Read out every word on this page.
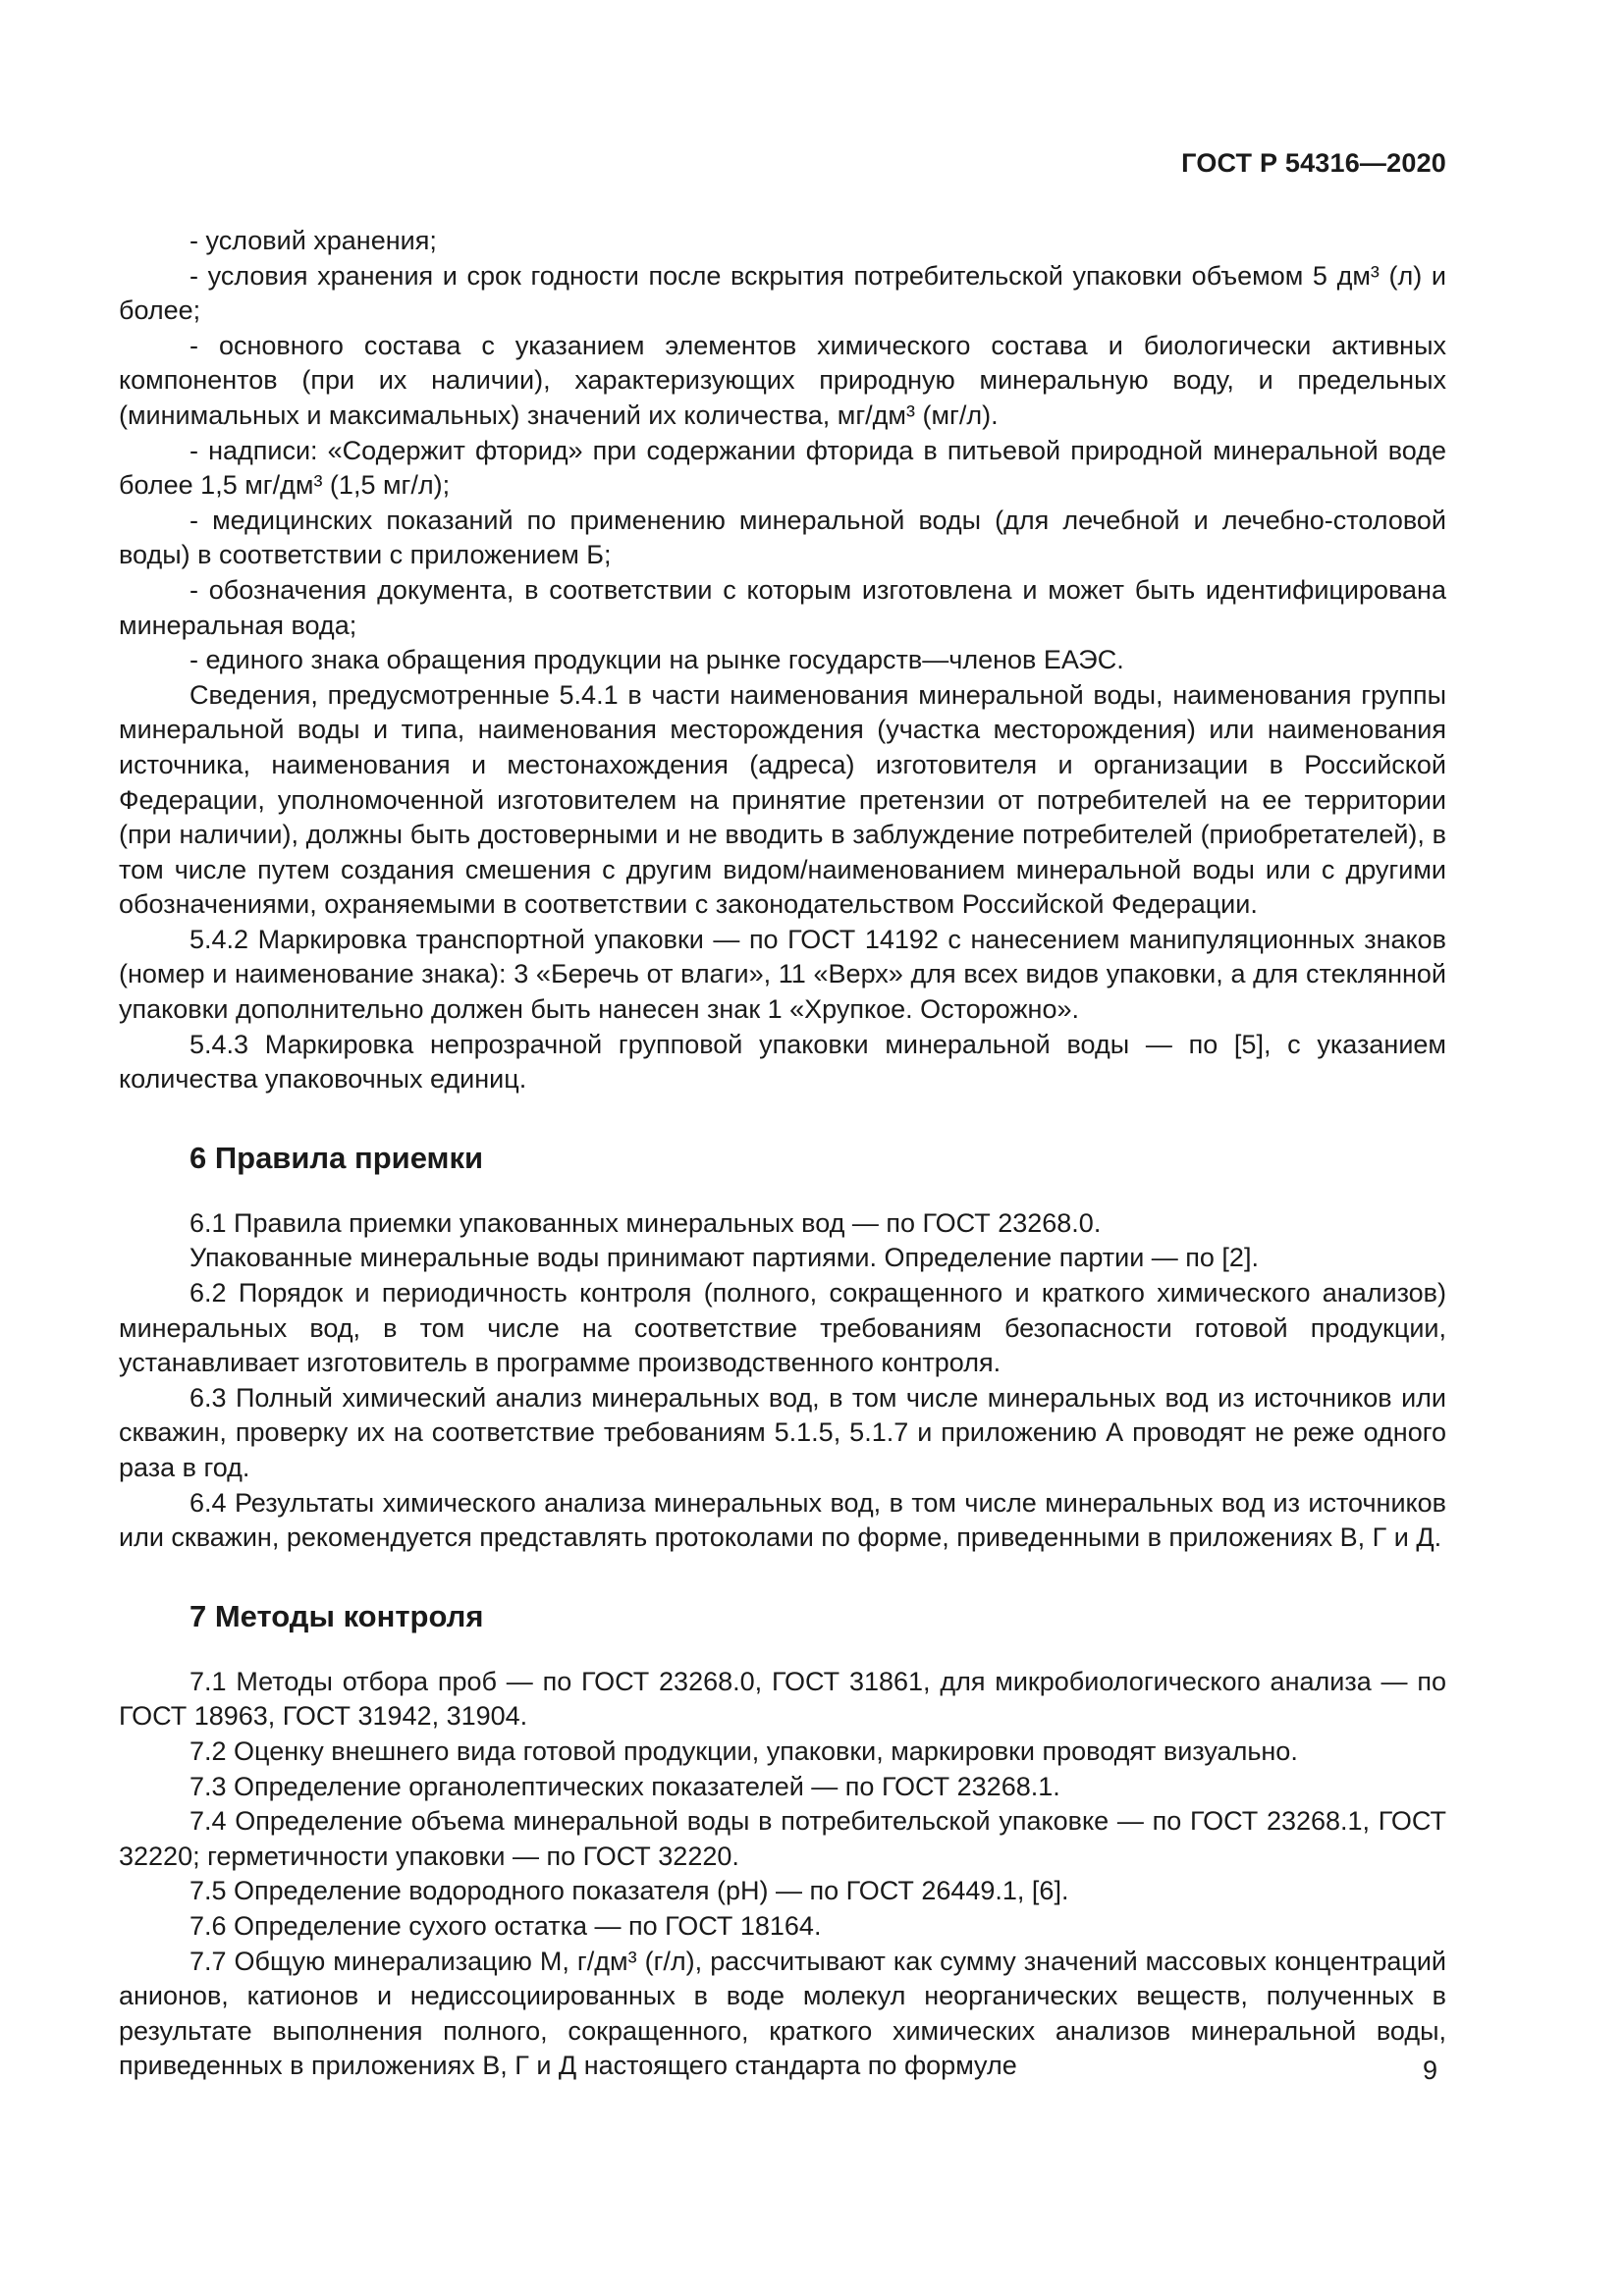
ГОСТ Р 54316—2020

- условий хранения;

- условия хранения и срок годности после вскрытия потребительской упаковки объемом 5 дм³ (л) и более;

- основного состава с указанием элементов химического состава и биологически активных компонентов (при их наличии), характеризующих природную минеральную воду, и предельных (минимальных и максимальных) значений их количества, мг/дм³ (мг/л).

- надписи: «Содержит фторид» при содержании фторида в питьевой природной минеральной воде более 1,5 мг/дм³ (1,5 мг/л);

- медицинских показаний по применению минеральной воды (для лечебной и лечебно-столовой воды) в соответствии с приложением Б;

- обозначения документа, в соответствии с которым изготовлена и может быть идентифицирована минеральная вода;

- единого знака обращения продукции на рынке государств—членов ЕАЭС.

Сведения, предусмотренные 5.4.1 в части наименования минеральной воды, наименования группы минеральной воды и типа, наименования месторождения (участка месторождения) или наименования источника, наименования и местонахождения (адреса) изготовителя и организации в Российской Федерации, уполномоченной изготовителем на принятие претензии от потребителей на ее территории (при наличии), должны быть достоверными и не вводить в заблуждение потребителей (приобретателей), в том числе путем создания смешения с другим видом/наименованием минеральной воды или с другими обозначениями, охраняемыми в соответствии с законодательством Российской Федерации.

5.4.2 Маркировка транспортной упаковки — по ГОСТ 14192 с нанесением манипуляционных знаков (номер и наименование знака): 3 «Беречь от влаги», 11 «Верх» для всех видов упаковки, а для стеклянной упаковки дополнительно должен быть нанесен знак 1 «Хрупкое. Осторожно».

5.4.3 Маркировка непрозрачной групповой упаковки минеральной воды — по [5], с указанием количества упаковочных единиц.

6 Правила приемки

6.1 Правила приемки упакованных минеральных вод — по ГОСТ 23268.0.

Упакованные минеральные воды принимают партиями. Определение партии — по [2].

6.2 Порядок и периодичность контроля (полного, сокращенного и краткого химического анализов) минеральных вод, в том числе на соответствие требованиям безопасности готовой продукции, устанавливает изготовитель в программе производственного контроля.

6.3 Полный химический анализ минеральных вод, в том числе минеральных вод из источников или скважин, проверку их на соответствие требованиям 5.1.5, 5.1.7 и приложению А проводят не реже одного раза в год.

6.4 Результаты химического анализа минеральных вод, в том числе минеральных вод из источников или скважин, рекомендуется представлять протоколами по форме, приведенными в приложениях В, Г и Д.

7 Методы контроля

7.1 Методы отбора проб — по ГОСТ 23268.0, ГОСТ 31861, для микробиологического анализа — по ГОСТ 18963, ГОСТ 31942, 31904.

7.2 Оценку внешнего вида готовой продукции, упаковки, маркировки проводят визуально.

7.3 Определение органолептических показателей — по ГОСТ 23268.1.

7.4 Определение объема минеральной воды в потребительской упаковке — по ГОСТ 23268.1, ГОСТ 32220; герметичности упаковки — по ГОСТ 32220.

7.5 Определение водородного показателя (рН) — по ГОСТ 26449.1, [6].

7.6 Определение сухого остатка — по ГОСТ 18164.

7.7 Общую минерализацию М, г/дм³ (г/л), рассчитывают как сумму значений массовых концентраций анионов, катионов и недиссоциированных в воде молекул неорганических веществ, полученных в результате выполнения полного, сокращенного, краткого химических анализов минеральной воды, приведенных в приложениях В, Г и Д настоящего стандарта по формуле	9
